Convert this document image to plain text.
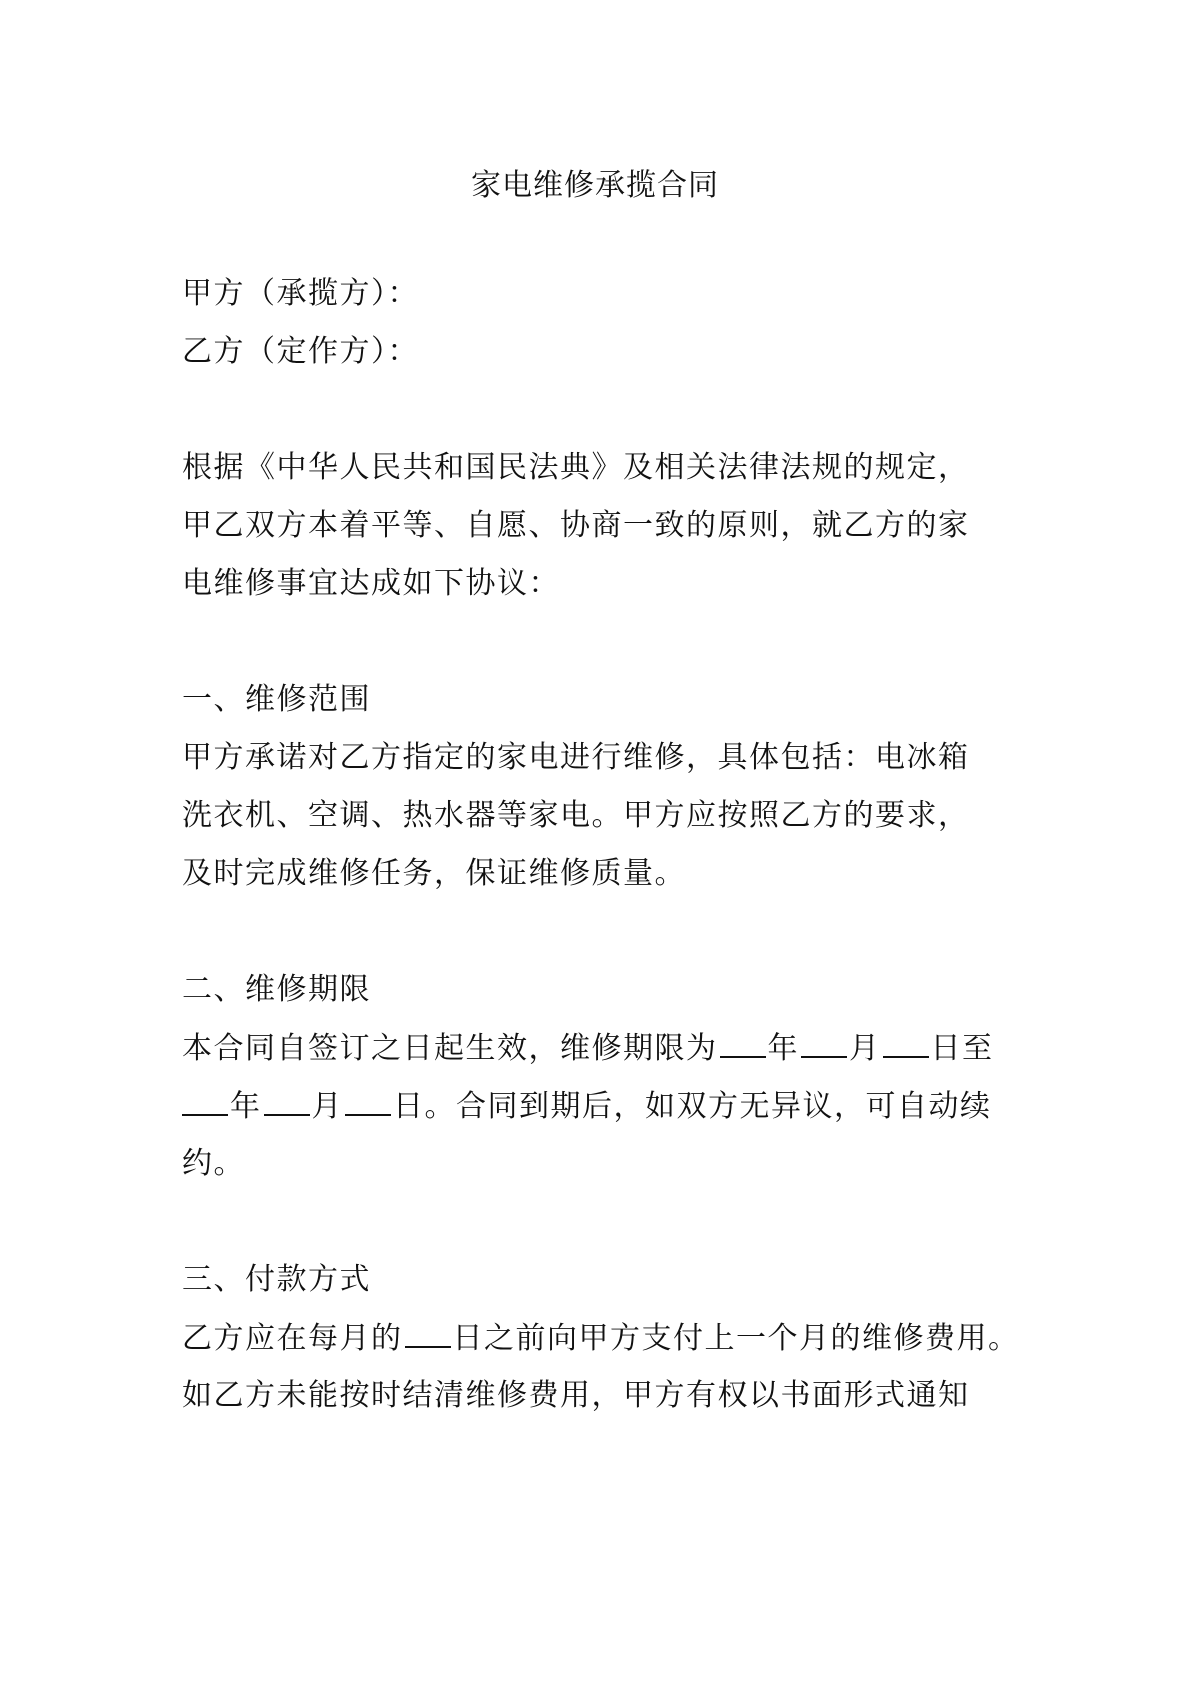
家电维修承揽合同
甲方（承揽方）：
乙方（定作方）：
根据《中华人民共和国民法典》及相关法律法规的规定，
甲乙双方本着平等、自愿、协商一致的原则，就乙方的家
电维修事宜达成如下协议：
一、维修范围
甲方承诺对乙方指定的家电进行维修，具体包括：电冰箱
洗衣机、空调、热水器等家电。甲方应按照乙方的要求，
及时完成维修任务，保证维修质量。
二、维修期限
本合同自签订之日起生效，维修期限为 年 月 日至
年 月 日。合同到期后，如双方无异议，可自动续
约。
三、付款方式
乙方应在每月的 日之前向甲方支付上一个月的维修费用。
如乙方未能按时结清维修费用，甲方有权以书面形式通知
